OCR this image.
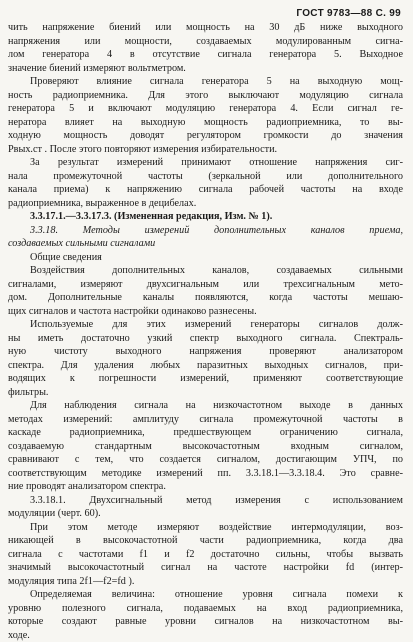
ГОСТ 9783—88 С. 99
чить напряжение биений или мощность на 30 дБ ниже выходного
напряжения или мощности, создаваемых модулированным сигна-
лом генератора 4 в отсутствие сигнала генератора 5. Выходное
значение биений измеряют вольтметром.
Проверяют влияние сигнала генератора 5 на выходную мощ-
ность радиоприемника. Для этого выключают модуляцию сигнала
генератора 5 и включают модуляцию генератора 4. Если сигнал ге-
нератора влияет на выходную мощность радиоприемника, то вы-
ходную мощность доводят регулятором громкости до значения
Pвых.ст . После этого повторяют измерения избирательности.
За результат измерений принимают отношение напряжения сиг-
нала промежуточной частоты (зеркальной или дополнительного
канала приема) к напряжению сигнала рабочей частоты на входе
радиоприемника, выраженное в децибелах.
3.3.17.1.—3.3.17.3. (Измененная редакция, Изм. № 1).
3.3.18. Методы измерений дополнительных каналов приема,
создаваемых сильными сигналами
Общие сведения
Воздействия дополнительных каналов, создаваемых сильными
сигналами, измеряют двухсигнальным или трехсигнальным мето-
дом. Дополнительные каналы появляются, когда частоты мешаю-
щих сигналов и частота настройки одинаково разнесены.
Используемые для этих измерений генераторы сигналов долж-
ны иметь достаточно узкий спектр выходного сигнала. Спектраль-
ную чистоту выходного напряжения проверяют анализатором
спектра. Для удаления любых паразитных выходных сигналов, при-
водящих к погрешности измерений, применяют соответствующие
фильтры.
Для наблюдения сигнала на низкочастотном выходе в данных
методах измерений: амплитуду сигнала промежуточной частоты в
каскаде радиоприемника, предшествующем ограничению сигнала,
создаваемую стандартным высокочастотным входным сигналом,
сравнивают с тем, что создается сигналом, достигающим УПЧ, по
соответствующим методике измерений пп. 3.3.18.1—3.3.18.4. Это сравне-
ние проводят анализатором спектра.
3.3.18.1. Двухсигнальный метод измерения с использованием
модуляции (черт. 60).
При этом методе измеряют воздействие интермодуляции, воз-
никающей в высокочастотной части радиоприемника, когда два
сигнала с частотами f1 и f2 достаточно сильны, чтобы вызвать
значимый высокочастотный сигнал на частоте настройки fd (интер-
модуляция типа 2f1—f2=fd ).
Определяемая величина: отношение уровня сигнала помехи к
уровню полезного сигнала, подаваемых на вход радиоприемника,
которые создают равные уровни сигналов на низкочастотном вы-
ходе.
